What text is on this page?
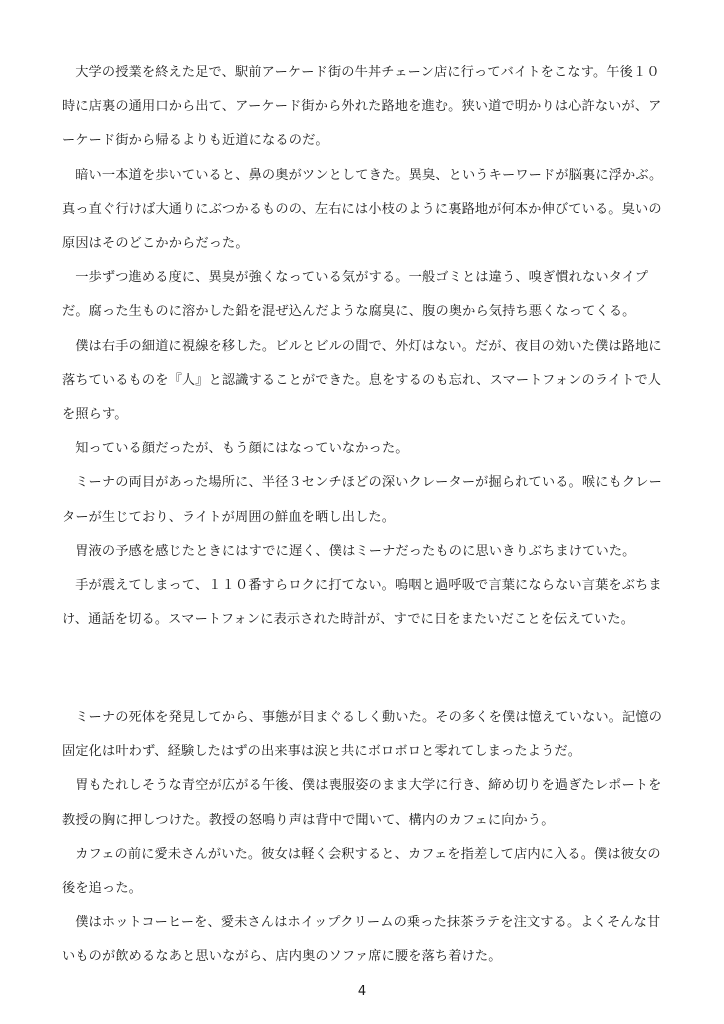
大学の授業を終えた足で、駅前アーケード街の牛丼チェーン店に行ってバイトをこなす。午後１０時に店裏の通用口から出て、アーケード街から外れた路地を進む。狭い道で明かりは心許ないが、アーケード街から帰るよりも近道になるのだ。

暗い一本道を歩いていると、鼻の奥がツンとしてきた。異臭、というキーワードが脳裏に浮かぶ。真っ直ぐ行けば大通りにぶつかるものの、左右には小枝のように裏路地が何本か伸びている。臭いの原因はそのどこかからだった。

一歩ずつ進める度に、異臭が強くなっている気がする。一般ゴミとは違う、嗅ぎ慣れないタイプだ。腐った生ものに溶かした鉛を混ぜ込んだような腐臭に、腹の奥から気持ち悪くなってくる。

僕は右手の細道に視線を移した。ビルとビルの間で、外灯はない。だが、夜目の効いた僕は路地に落ちているものを『人』と認識することができた。息をするのも忘れ、スマートフォンのライトで人を照らす。

知っている顔だったが、もう顔にはなっていなかった。

ミーナの両目があった場所に、半径３センチほどの深いクレーターが掘られている。喉にもクレーターが生じており、ライトが周囲の鮮血を晒し出した。

胃液の予感を感じたときにはすでに遅く、僕はミーナだったものに思いきりぶちまけていた。

手が震えてしまって、１１０番すらロクに打てない。嗚咽と過呼吸で言葉にならない言葉をぶちまけ、通話を切る。スマートフォンに表示された時計が、すでに日をまたいだことを伝えていた。

ミーナの死体を発見してから、事態が目まぐるしく動いた。その多くを僕は憶えていない。記憶の固定化は叶わず、経験したはずの出来事は涙と共にボロボロと零れてしまったようだ。

胃もたれしそうな青空が広がる午後、僕は喪服姿のまま大学に行き、締め切りを過ぎたレポートを教授の胸に押しつけた。教授の怒鳴り声は背中で聞いて、構内のカフェに向かう。

カフェの前に愛未さんがいた。彼女は軽く会釈すると、カフェを指差して店内に入る。僕は彼女の後を追った。

僕はホットコーヒーを、愛未さんはホイップクリームの乗った抹茶ラテを注文する。よくそんな甘いものが飲めるなあと思いながら、店内奥のソファ席に腰を落ち着けた。

4
